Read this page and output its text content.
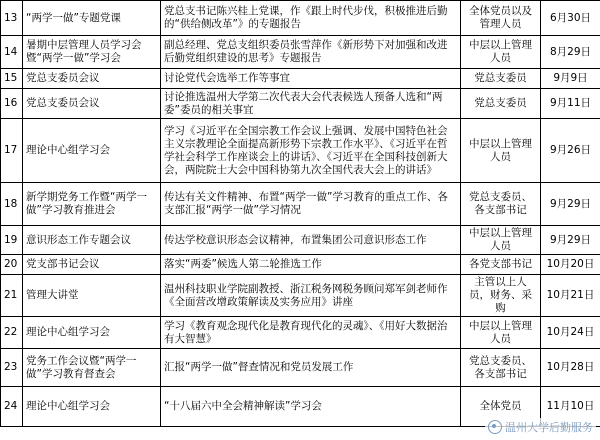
13	“两学一做”专题党课	党总支书记陈兴桂上党课，作《跟上时代步伐，积极推进后勤的“供给侧改革”》的专题报告	全体党员以及管理人员	6月30日
14	暑期中层管理人员学习会暨“两学一做”学习会	副总经理、党总支组织委员张雪萍作《新形势下对加强和改进后勤党组织建设的思考》专题报告	中层以上管理人员	8月29日
15	党总支委员会议	讨论党代会选举工作等事宜	党总支委员	9月9日
16	党总支委员会议	讨论推选温州大学第二次代表大会代表候选人预备人选和“两委”委员的相关事宜	党总支委员	9月11日
17	理论中心组学习会	学习《习近平在全国宗教工作会议上强调、发展中国特色社会主义宗教理论全面提高新形势下宗教工作水平》、《习近平在哲学社会科学工作座谈会上的讲话》、《习近平在全国科技创新大会，两院院士大会中国科协第九次全国代表大会上的讲话》	中层以上管理人员	9月26日
18	新学期党务工作暨“两学一做”学习教育推进会	传达有关文件精神、布置“两学一做”学习教育的重点工作、各支部汇报“两学一做”学习情况	党总支委员、各支部书记	9月29日
19	意识形态工作专题会议	传达学校意识形态会议精神，布置集团公司意识形态工作	中层以上管理人员	9月29日
20	党支部书记会议	落实“两委”候选人第二轮推选工作	各党支部书记	10月20日
21	管理大讲堂	温州科技职业学院副教授、浙江税务网税务顾问郑军剑老师作《全面营改增政策解读及实务应用》讲座	主管以上人员，财务、采购	10月21日
22	理论中心组学习会	学习《教育观念现代化是教育现代化的灵魂》、《用好大数据治有大智慧》	中层以上管理人员	10月24日
23	党务工作会议暨“两学一做”学习教育督查会	汇报“两学一做”督查情况和党员发展工作	党总支委员、各支部书记	10月28日
24	理论中心组学习会	“十八届六中全会精神解读”学习会	全体党员	11月10日
温州大学后勤服务
